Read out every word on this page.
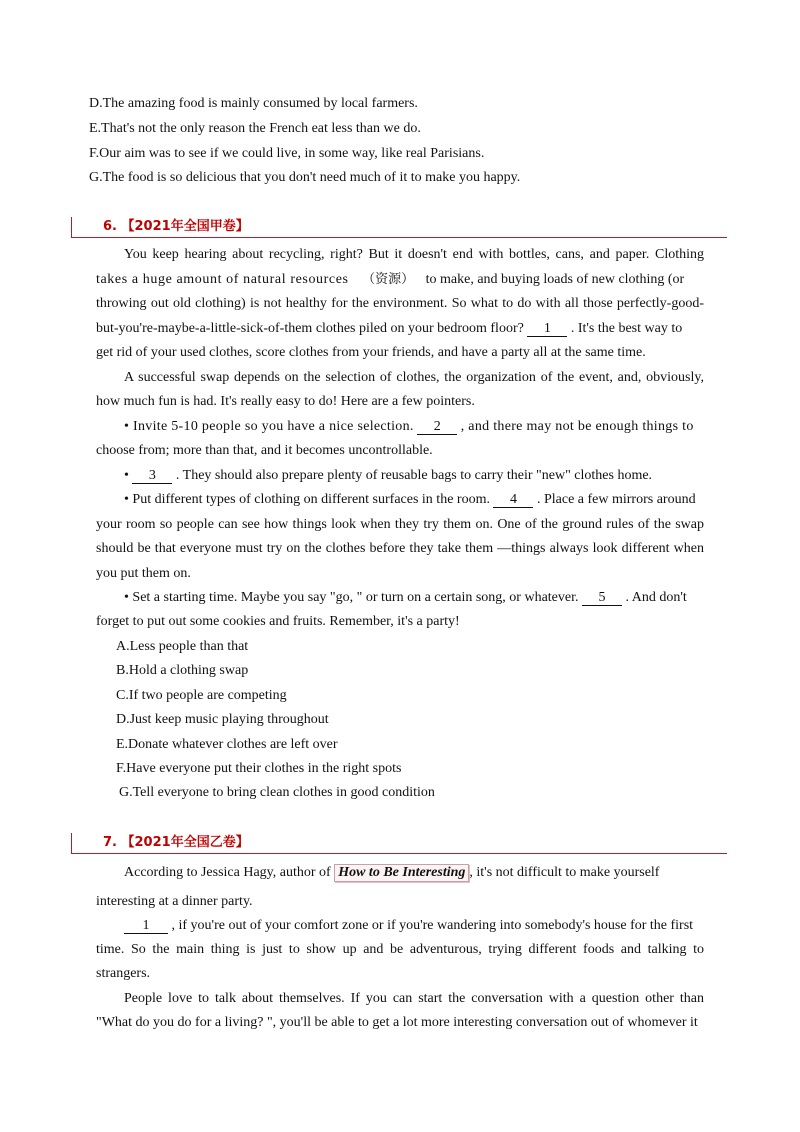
D.The amazing food is mainly consumed by local farmers.
E.That's not the only reason the French eat less than we do.
F.Our aim was to see if we could live, in some way, like real Parisians.
G.The food is so delicious that you don't need much of it to make you happy.
6. 【2021年全国甲卷】
You keep hearing about recycling, right? But it doesn't end with bottles, cans, and paper. Clothing
takes a huge amount of natural resources （资源） to make, and buying loads of new clothing (or
throwing out old clothing) is not healthy for the environment. So what to do with all those perfectly-good-
but-you're-maybe-a-little-sick-of-them clothes piled on your bedroom floor? 1 . It's the best way to
get rid of your used clothes, score clothes from your friends, and have a party all at the same time.
A successful swap depends on the selection of clothes, the organization of the event, and, obviously,
how much fun is had. It's really easy to do! Here are a few pointers.
• Invite 5-10 people so you have a nice selection. 2 , and there may not be enough things to
choose from; more than that, and it becomes uncontrollable.
• 3 . They should also prepare plenty of reusable bags to carry their "new" clothes home.
• Put different types of clothing on different surfaces in the room. 4 . Place a few mirrors around
your room so people can see how things look when they try them on. One of the ground rules of the swap
should be that everyone must try on the clothes before they take them —things always look different when
you put them on.
• Set a starting time. Maybe you say "go, " or turn on a certain song, or whatever. 5 . And don't
forget to put out some cookies and fruits. Remember, it's a party!
A.Less people than that
B.Hold a clothing swap
C.If two people are competing
D.Just keep music playing throughout
E.Donate whatever clothes are left over
F.Have everyone put their clothes in the right spots
G.Tell everyone to bring clean clothes in good condition
7. 【2021年全国乙卷】
According to Jessica Hagy, author of How to Be Interesting , it's not difficult to make yourself
interesting at a dinner party.
1 , if you're out of your comfort zone or if you're wandering into somebody's house for the first
time. So the main thing is just to show up and be adventurous, trying different foods and talking to
strangers.
People love to talk about themselves. If you can start the conversation with a question other than
"What do you do for a living? ", you'll be able to get a lot more interesting conversation out of whomever it
